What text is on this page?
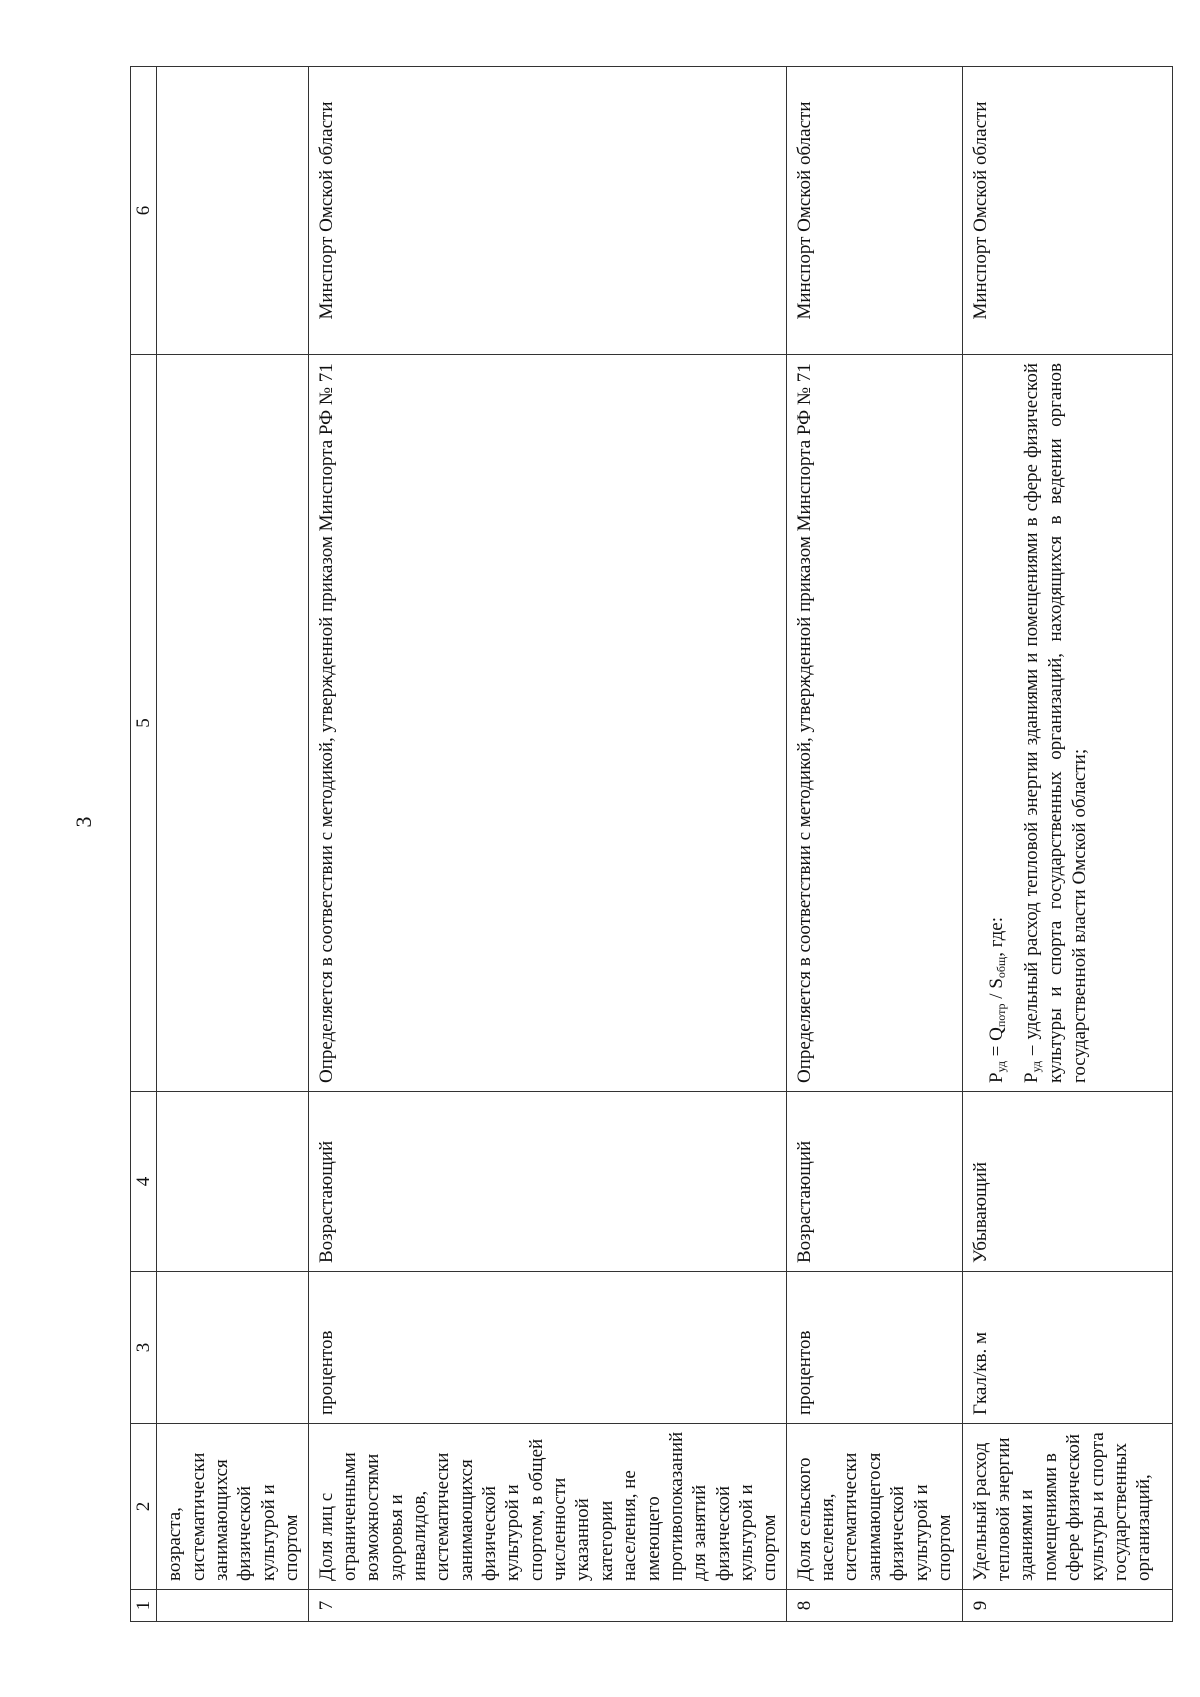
3
1	2	3	4	5	6
	возраста, систематически занимающихся физической культурой и спортом				
7	Доля лиц с ограниченными возможностями здоровья и инвалидов, систематически занимающихся физической культурой и спортом, в общей численности указанной категории населения, не имеющего противопоказаний для занятий физической культурой и спортом	процентов	Возрастающий	Определяется в соответствии с методикой, утвержденной приказом Минспорта РФ № 71	Минспорт Омской области
8	Доля сельского населения, систематически занимающегося физической культурой и спортом	процентов	Возрастающий	Определяется в соответствии с методикой, утвержденной приказом Минспорта РФ № 71	Минспорт Омской области
9	Удельный расход тепловой энергии зданиями и помещениями в сфере физической культуры и спорта государственных организаций,	Гкал/кв. м	Убывающий	$P_{уд} = Q_{потр} / S_{общ}$, где:
$P_{уд}-$ удельный расход тепловой энергии зданиями и помещениями в сфере физической культуры и спорта государственных организаций, находящихся в ведении органов государственной власти Омской области;	Минспорт Омской области
